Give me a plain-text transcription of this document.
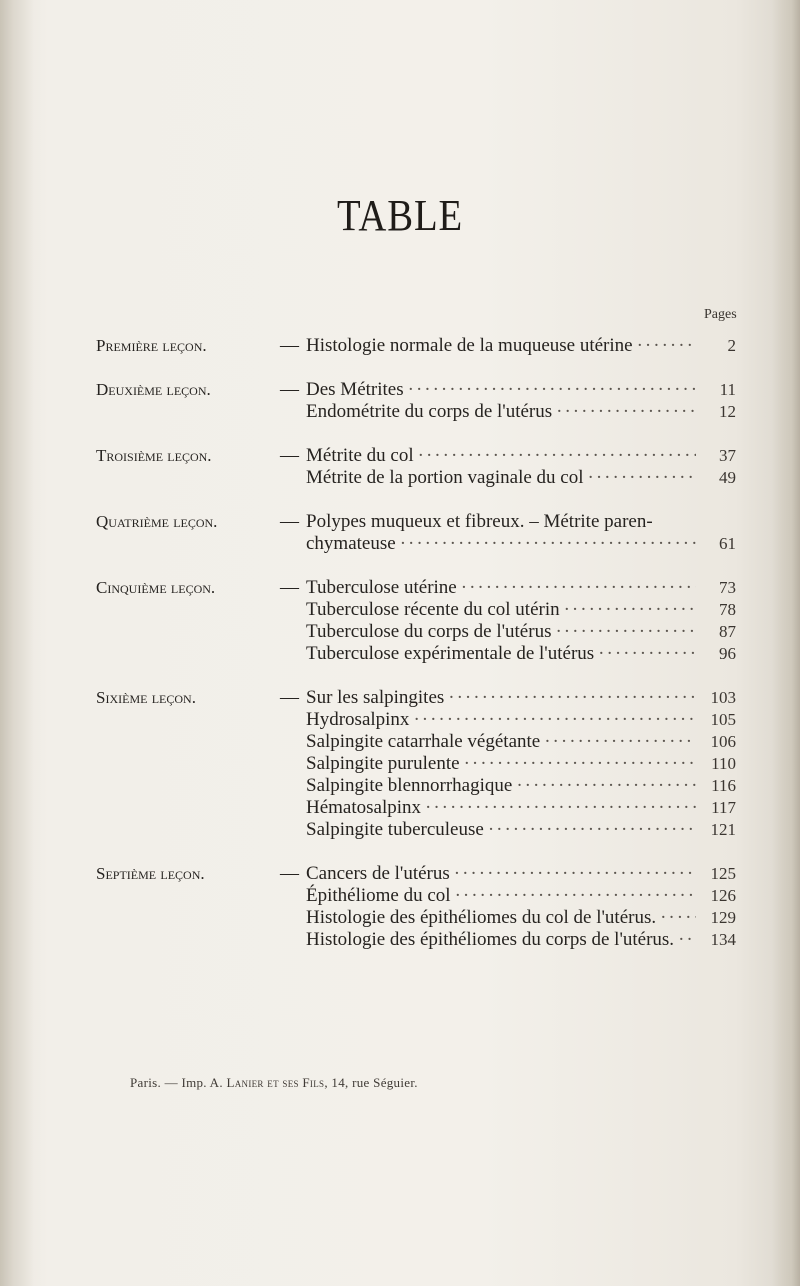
TABLE
Pages
—
Première leçon.	Histologie normale de la muqueuse utérine ·····	2
—
Deuxième leçon.	Des Métrites ·····	11
Endométrite du corps de l'utérus ·····	12
—
Troisième leçon.	Métrite du col ·····	37
Métrite de la portion vaginale du col ·····	49
—
Quatrième leçon.	Polypes muqueux et fibreux. – Métrite paren-
chymateuse ·····	61
—
Cinquième leçon.	Tuberculose utérine ·····	73
Tuberculose récente du col utérin ·····	78
Tuberculose du corps de l'utérus ·····	87
Tuberculose expérimentale de l'utérus ·····	96
—
Sixième leçon.	Sur les salpingites ·····	103
Hydrosalpinx ·····	105
Salpingite catarrhale végétante ·····	106
Salpingite purulente ·····	110
Salpingite blennorrhagique ·····	116
Hématosalpinx ·····	117
Salpingite tuberculeuse ·····	121
—
Septième leçon.	Cancers de l'utérus ·····	125
Épithéliome du col ·····	126
Histologie des épithéliomes du col de l'utérus. ·····	129
Histologie des épithéliomes du corps de l'utérus. ·····	134
Paris. — Imp. A. Lanier et ses Fils, 14, rue Séguier.
